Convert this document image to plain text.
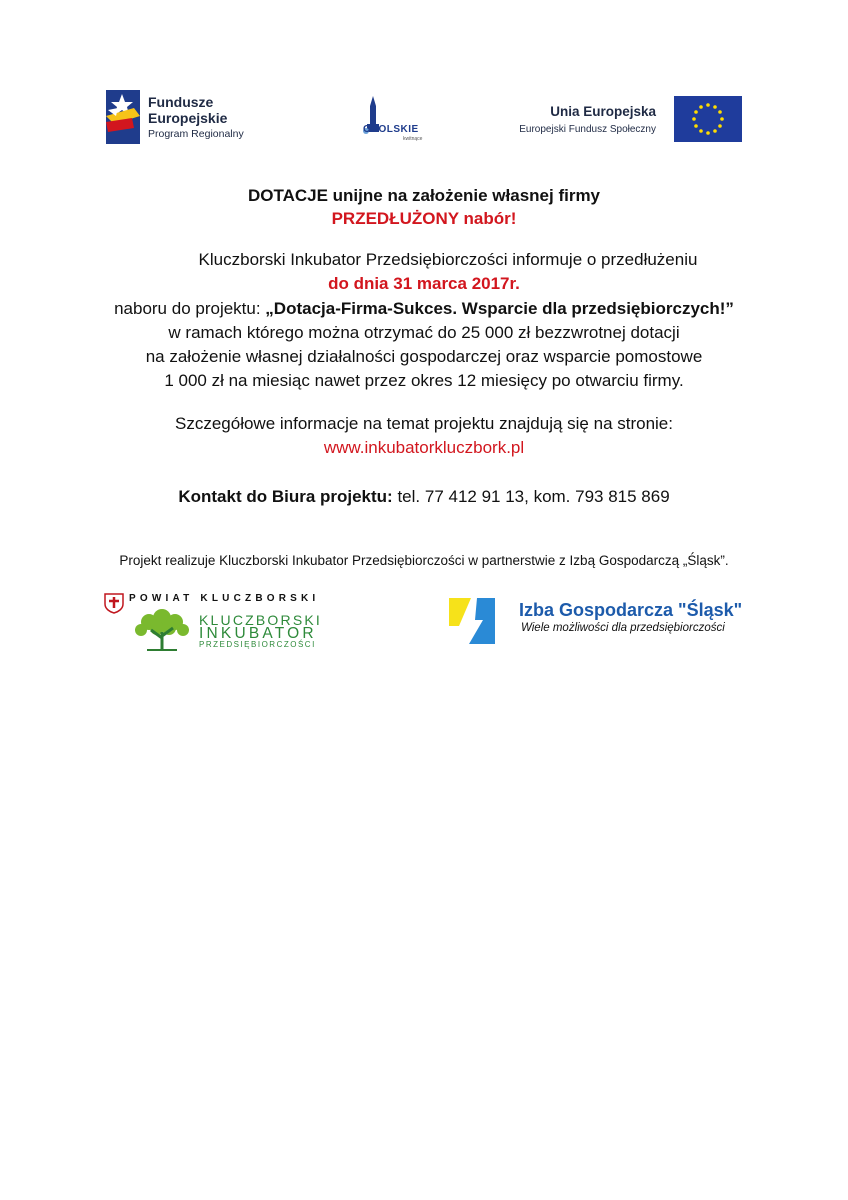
Fundusze
Europejskie
Program Regionalny	OPOLSKIE
kwitnące
Unia Europejska
Europejski Fundusz Społeczny
DOTACJE unijne na założenie własnej firmy
PRZEDŁUŻONY nabór!
Kluczborski Inkubator Przedsiębiorczości informuje o przedłużeniu
do dnia 31 marca 2017r.
naboru do projektu: „Dotacja-Firma-Sukces. Wsparcie dla przedsiębiorczych!”
w ramach którego można otrzymać do 25 000 zł bezzwrotnej dotacji
na założenie własnej działalności gospodarczej oraz wsparcie pomostowe
1 000 zł na miesiąc nawet przez okres 12 miesięcy po otwarciu firmy.
Szczegółowe informacje na temat projektu znajdują się na stronie:
www.inkubatorkluczbork.pl
Kontakt do Biura projektu: tel. 77 412 91 13, kom. 793 815 869
Projekt realizuje Kluczborski Inkubator Przedsiębiorczości w partnerstwie z Izbą Gospodarczą „Śląsk”.
POWIAT KLUCZBORSKI
KLUCZBORSKI
INKUBATOR
PRZEDSIĘBIORCZOŚCI
Izba Gospodarcza "Śląsk"
Wiele możliwości dla przedsiębiorczości
